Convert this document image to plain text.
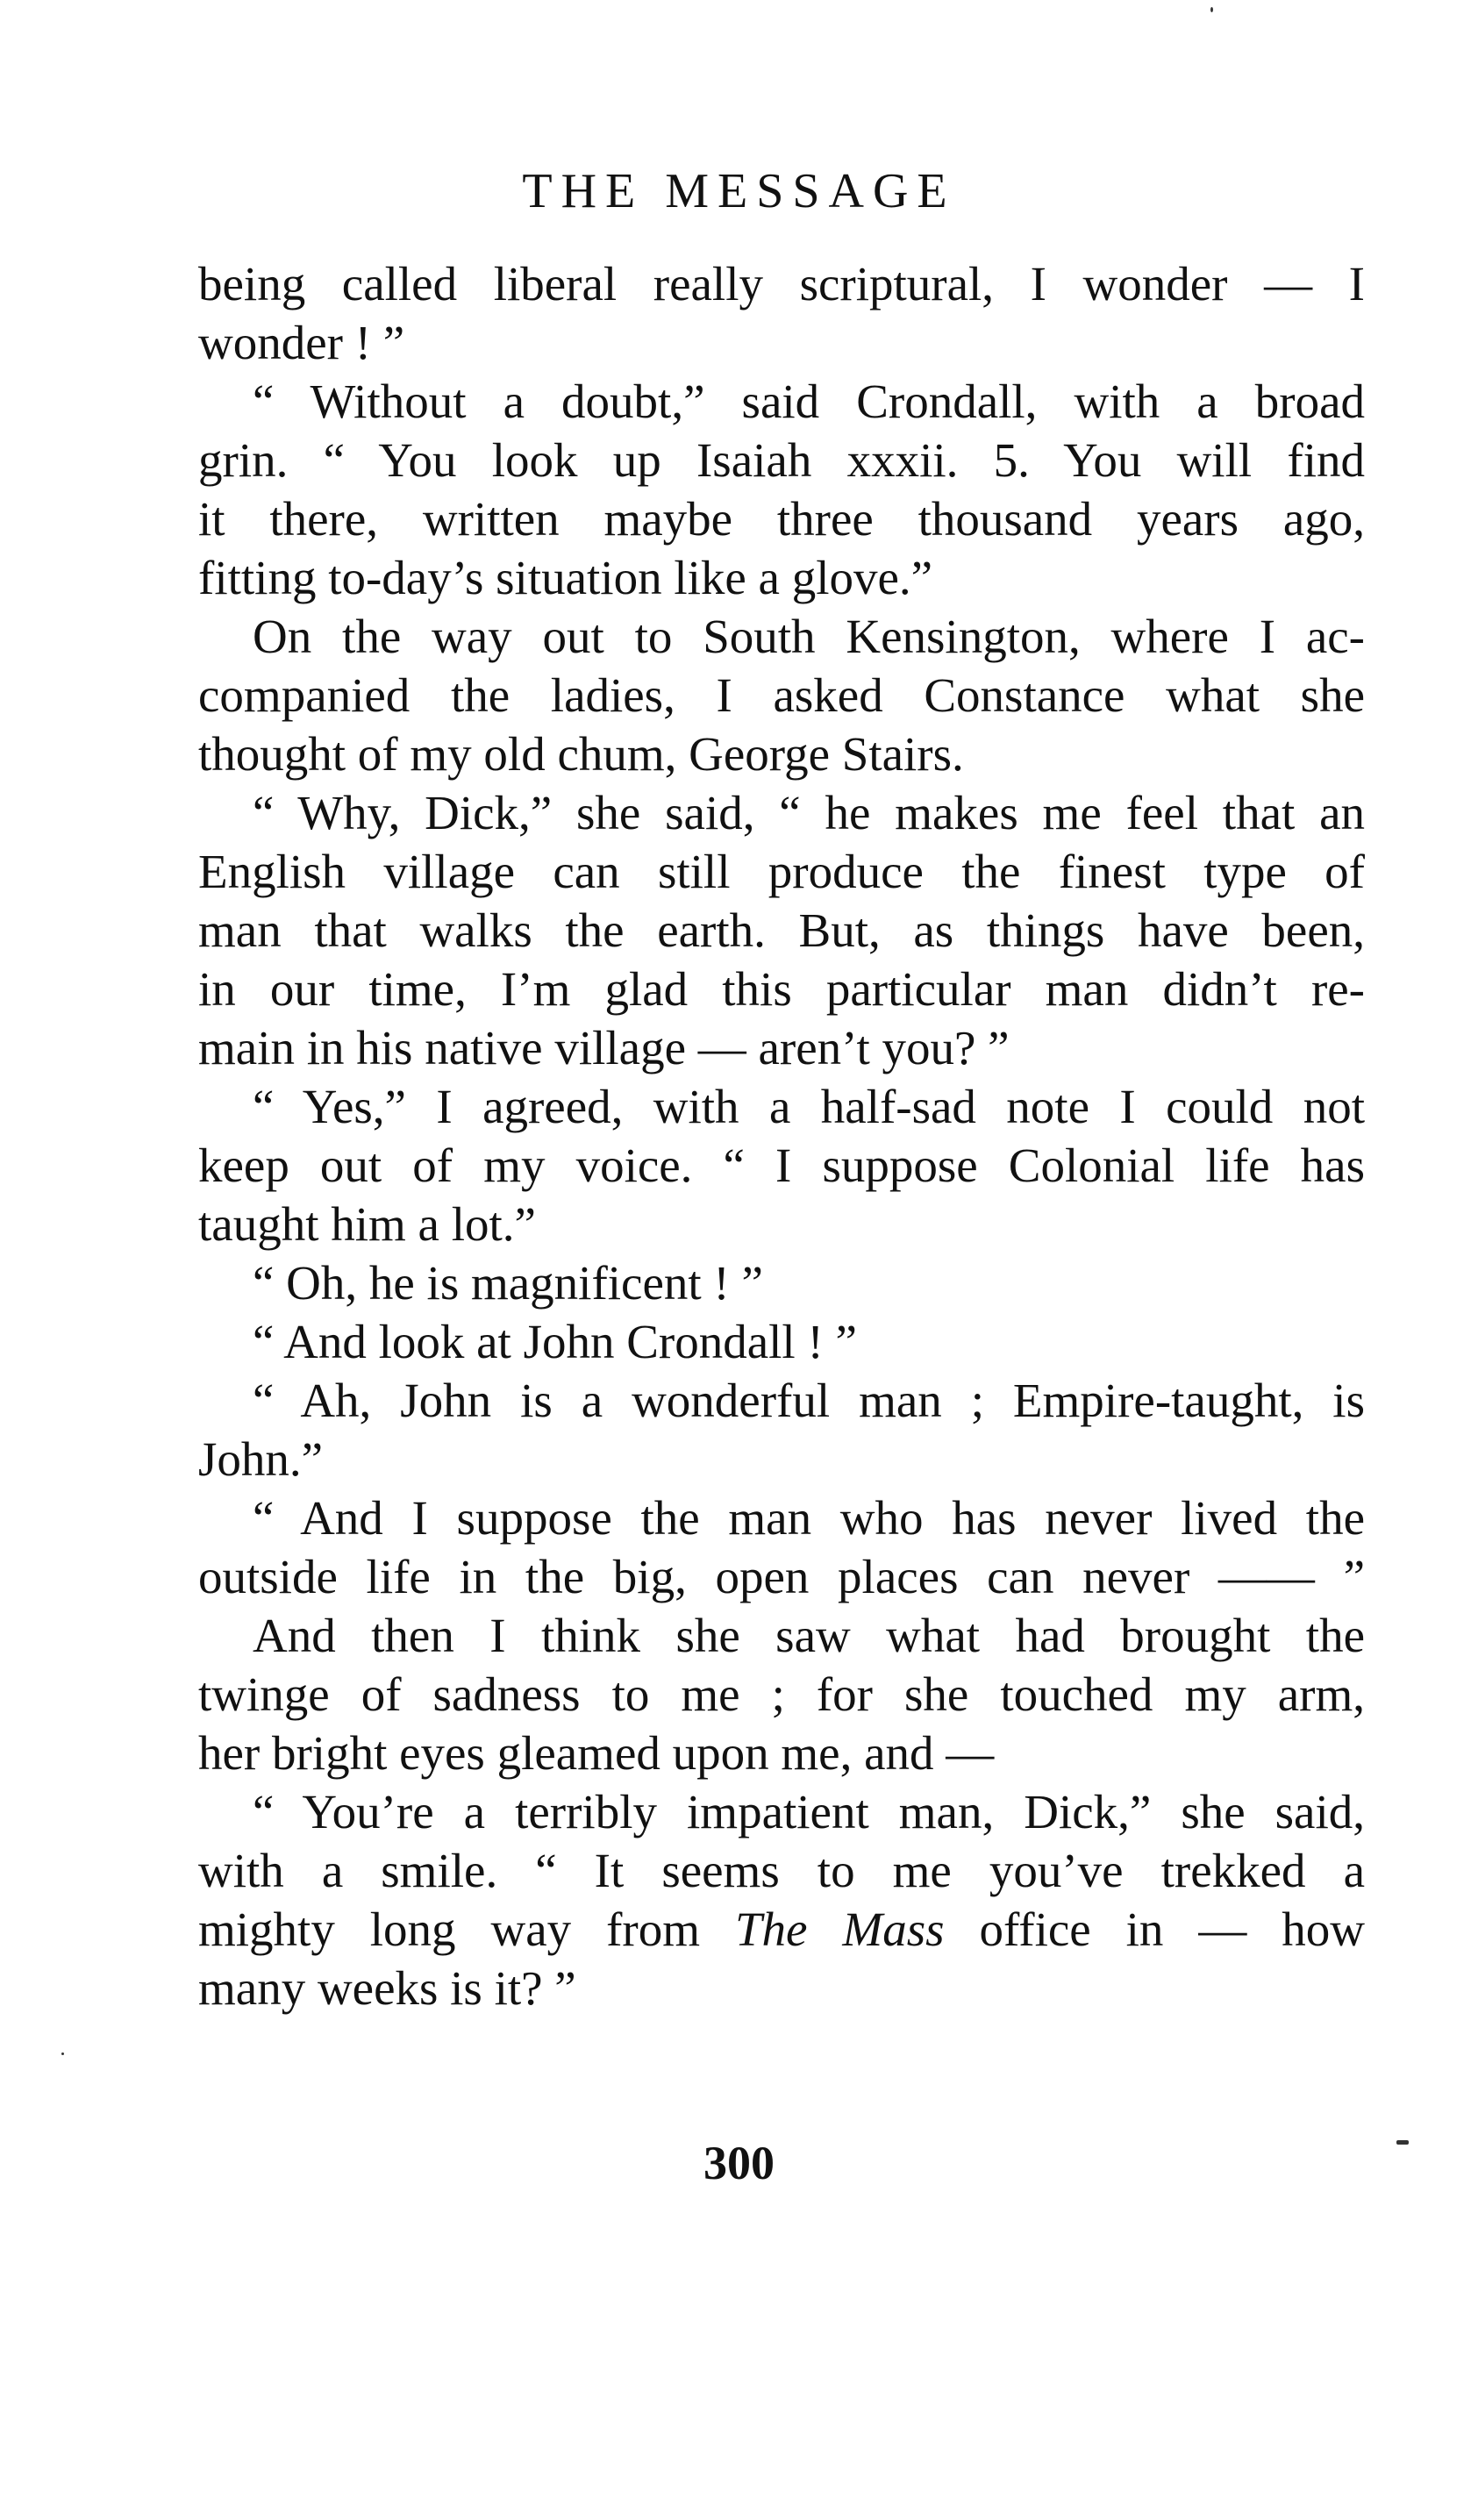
THE MESSAGE
being called liberal really scriptural, I wonder — I
wonder ! ”
“ Without a doubt,” said Crondall, with a broad
grin. “ You look up Isaiah xxxii. 5. You will find
it there, written maybe three thousand years ago,
fitting to-day’s situation like a glove.”
On the way out to South Kensington, where I ac-
companied the ladies, I asked Constance what she
thought of my old chum, George Stairs.
“ Why, Dick,” she said, “ he makes me feel that an
English village can still produce the finest type of
man that walks the earth. But, as things have been,
in our time, I’m glad this particular man didn’t re-
main in his native village — aren’t you? ”
“ Yes,” I agreed, with a half-sad note I could not
keep out of my voice. “ I suppose Colonial life has
taught him a lot.”
“ Oh, he is magnificent ! ”
“ And look at John Crondall ! ”
“ Ah, John is a wonderful man ; Empire-taught, is
John.”
“ And I suppose the man who has never lived the
outside life in the big, open places can never —— ”
And then I think she saw what had brought the
twinge of sadness to me ; for she touched my arm,
her bright eyes gleamed upon me, and —
“ You’re a terribly impatient man, Dick,” she said,
with a smile. “ It seems to me you’ve trekked a
mighty long way from The Mass office in — how
many weeks is it? ”
300
